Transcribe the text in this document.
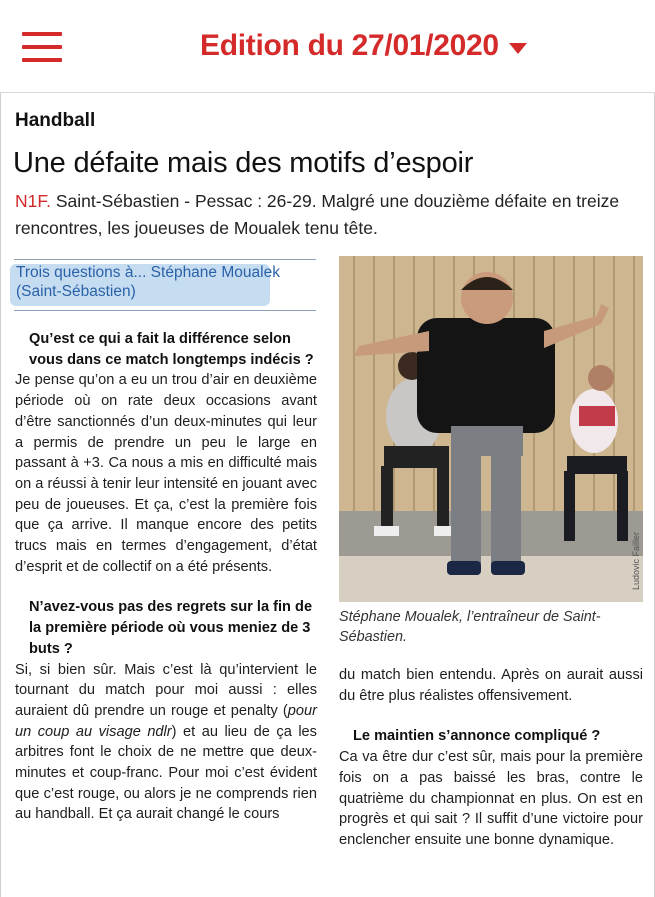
Edition du 27/01/2020
Handball
Une défaite mais des motifs d’espoir
N1F. Saint-Sébastien - Pessac : 26-29. Malgré une douzième défaite en treize rencontres, les joueuses de Moualek tenu tête.
Trois questions à... Stéphane Moualek (Saint-Sébastien)

Qu’est ce qui a fait la différence selon vous dans ce match longtemps indécis ?

Je pense qu’on a eu un trou d’air en deuxième période où on rate deux occasions avant d’être sanctionnés d’un deux-minutes qui leur a permis de prendre un peu le large en passant à +3. Ca nous a mis en difficulté mais on a réussi à tenir leur intensité en jouant avec peu de joueuses. Et ça, c’est la première fois que ça arrive. Il manque encore des petits trucs mais en termes d’engagement, d’état d’esprit et de collectif on a été présents.

N’avez-vous pas des regrets sur la fin de la première période où vous meniez de 3 buts ?

Si, si bien sûr. Mais c’est là qu’intervient le tournant du match pour moi aussi : elles auraient dû prendre un rouge et penalty (pour un coup au visage ndlr) et au lieu de ça les arbitres font le choix de ne mettre que deux-minutes et coup-franc. Pour moi c’est évident que c’est rouge, ou alors je ne comprends rien au handball. Et ça aurait changé le cours

Ludovic Failler
Stéphane Moualek, l’entraîneur de Saint-Sébastien.

du match bien entendu. Après on aurait aussi du être plus réalistes offensivement.

Le maintien s’annonce compliqué ?

Ca va être dur c’est sûr, mais pour la première fois on a pas baissé les bras, contre le quatrième du championnat en plus. On est en progrès et qui sait ? Il suffit d’une victoire pour enclencher ensuite une bonne dynamique.
